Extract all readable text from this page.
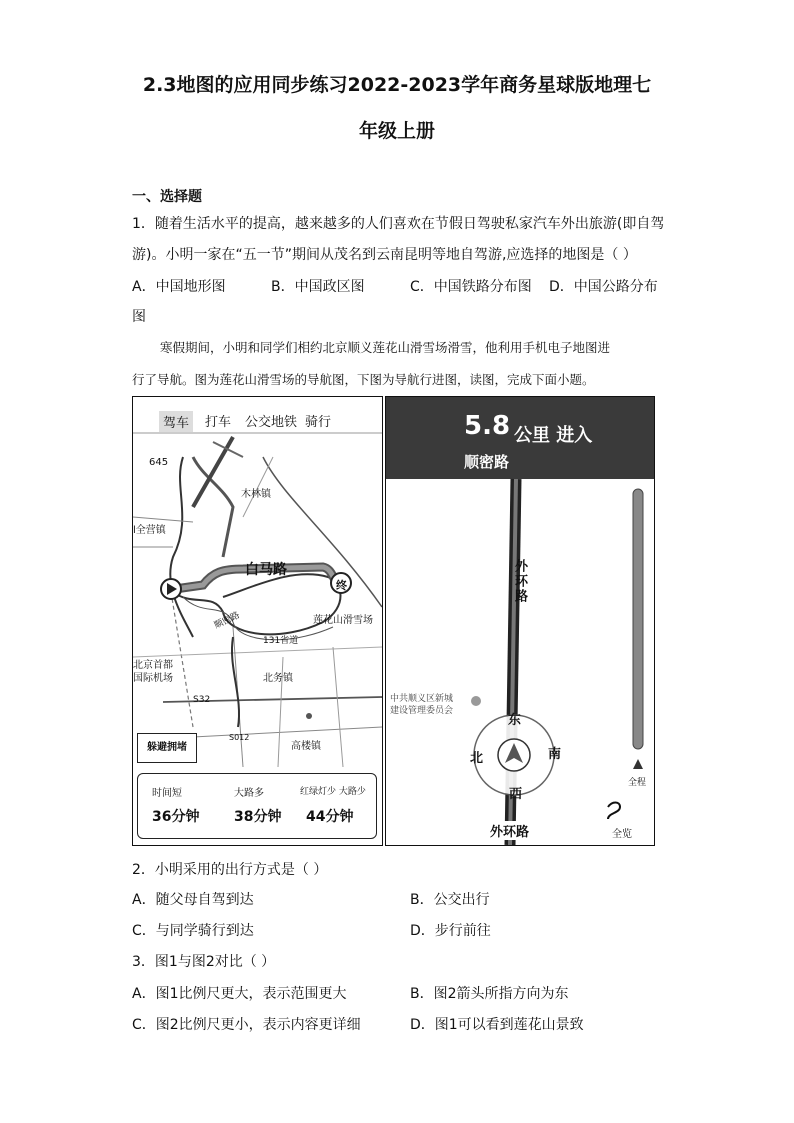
2.3地图的应用同步练习2022-2023学年商务星球版地理七
年级上册
一、选择题
1．随着生活水平的提高，越来越多的人们喜欢在节假日驾驶私家汽车外出旅游(即自驾
游)。小明一家在“五一节”期间从茂名到云南昆明等地自驾游,应选择的地图是（ ）
A．中国地形图	B．中国政区图	C．中国铁路分布图 D．中国公路分布
图
寒假期间，小明和同学们相约北京顺义莲花山滑雪场滑雪，他利用手机电子地图进
行了导航。图为莲花山滑雪场的导航图，下图为导航行进图，读图，完成下面小题。
驾车	打车 公交地铁 骑行
645
木林镇
l全营镇
白马路
终
莲花山滑雪场
顺密路
131省道
北务镇
北京首都
国际机场
S32
S012
高楼镇
躲避拥堵
时间短
36分钟
大路多
38分钟
红绿灯少 大路少
44分钟
5.8 公里 进入
顺密路
外环路
中共顺义区新城
建设管理委员会
东
北	南
西
外环路
全程
全览
2．小明采用的出行方式是（ ）
A．随父母自驾到达	B．公交出行
C．与同学骑行到达	D．步行前往
3．图1与图2对比（ ）
A．图1比例尺更大，表示范围更大	B．图2箭头所指方向为东
C．图2比例尺更小，表示内容更详细	D．图1可以看到莲花山景致
